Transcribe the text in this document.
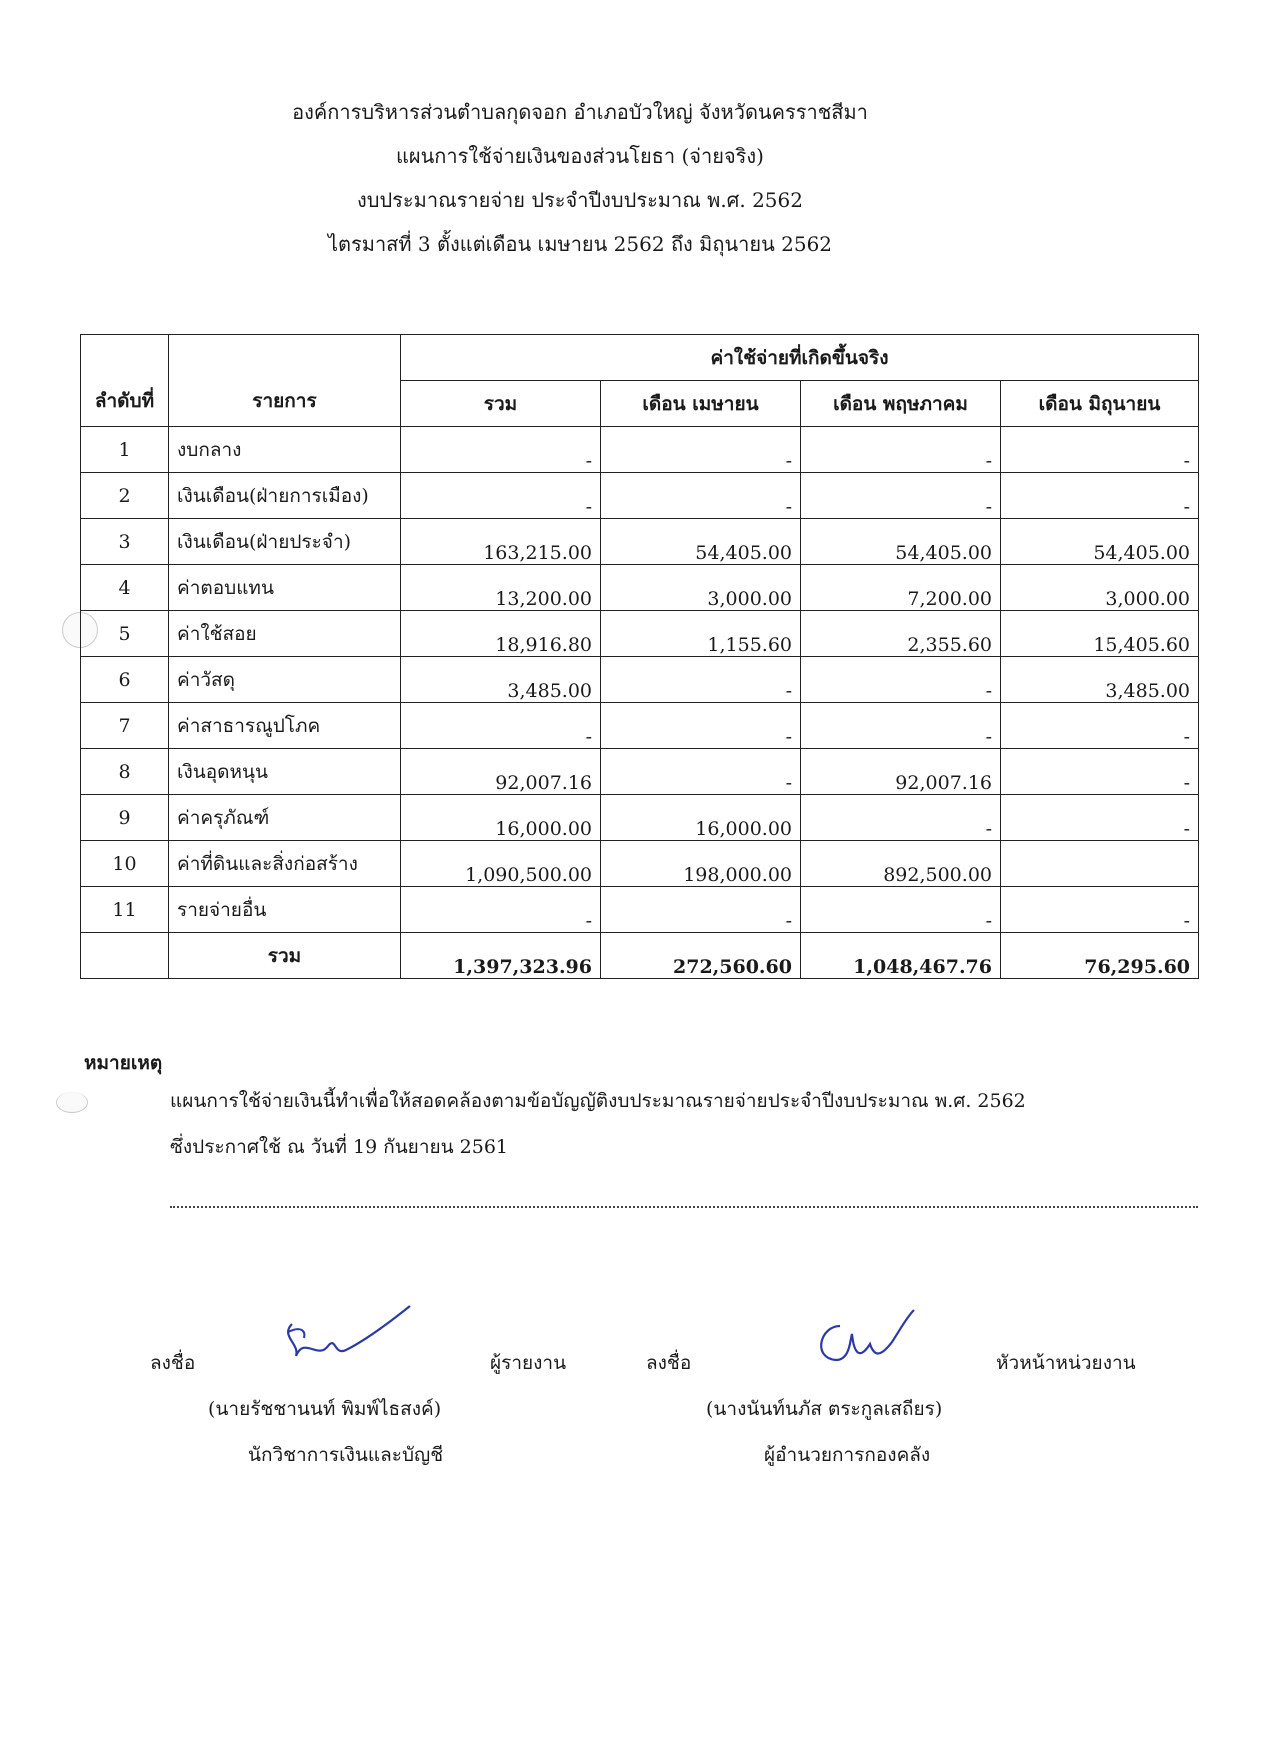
องค์การบริหารส่วนตำบลกุดจอก อำเภอบัวใหญ่ จังหวัดนครราชสีมา
แผนการใช้จ่ายเงินของส่วนโยธา (จ่ายจริง)
งบประมาณรายจ่าย ประจำปีงบประมาณ พ.ศ. 2562
ไตรมาสที่ 3 ตั้งแต่เดือน เมษายน 2562 ถึง มิถุนายน 2562
ลำดับที่	รายการ	ค่าใช้จ่ายที่เกิดขึ้นจริง			
		รวม	เดือน เมษายน	เดือน พฤษภาคม	เดือน มิถุนายน
1	งบกลาง	-	-	-	-
2	เงินเดือน(ฝ่ายการเมือง)	-	-	-	-
3	เงินเดือน(ฝ่ายประจำ)	163,215.00	54,405.00	54,405.00	54,405.00
4	ค่าตอบแทน	13,200.00	3,000.00	7,200.00	3,000.00
5	ค่าใช้สอย	18,916.80	1,155.60	2,355.60	15,405.60
6	ค่าวัสดุ	3,485.00	-	-	3,485.00
7	ค่าสาธารณูปโภค	-	-	-	-
8	เงินอุดหนุน	92,007.16	-	92,007.16	-
9	ค่าครุภัณฑ์	16,000.00	16,000.00	-	-
10	ค่าที่ดินและสิ่งก่อสร้าง	1,090,500.00	198,000.00	892,500.00	
11	รายจ่ายอื่น	-	-	-	-
	รวม	1,397,323.96	272,560.60	1,048,467.76	76,295.60
หมายเหตุ
แผนการใช้จ่ายเงินนี้ทำเพื่อให้สอดคล้องตามข้อบัญญัติงบประมาณรายจ่ายประจำปีงบประมาณ พ.ศ. 2562
ซึ่งประกาศใช้ ณ วันที่ 19 กันยายน 2561
ลงชื่อ	ผู้รายงาน
(นายรัชชานนท์ พิมพ์ไธสงค์)
นักวิชาการเงินและบัญชี
ลงชื่อ	หัวหน้าหน่วยงาน
(นางนันท์นภัส ตระกูลเสถียร)
ผู้อำนวยการกองคลัง
